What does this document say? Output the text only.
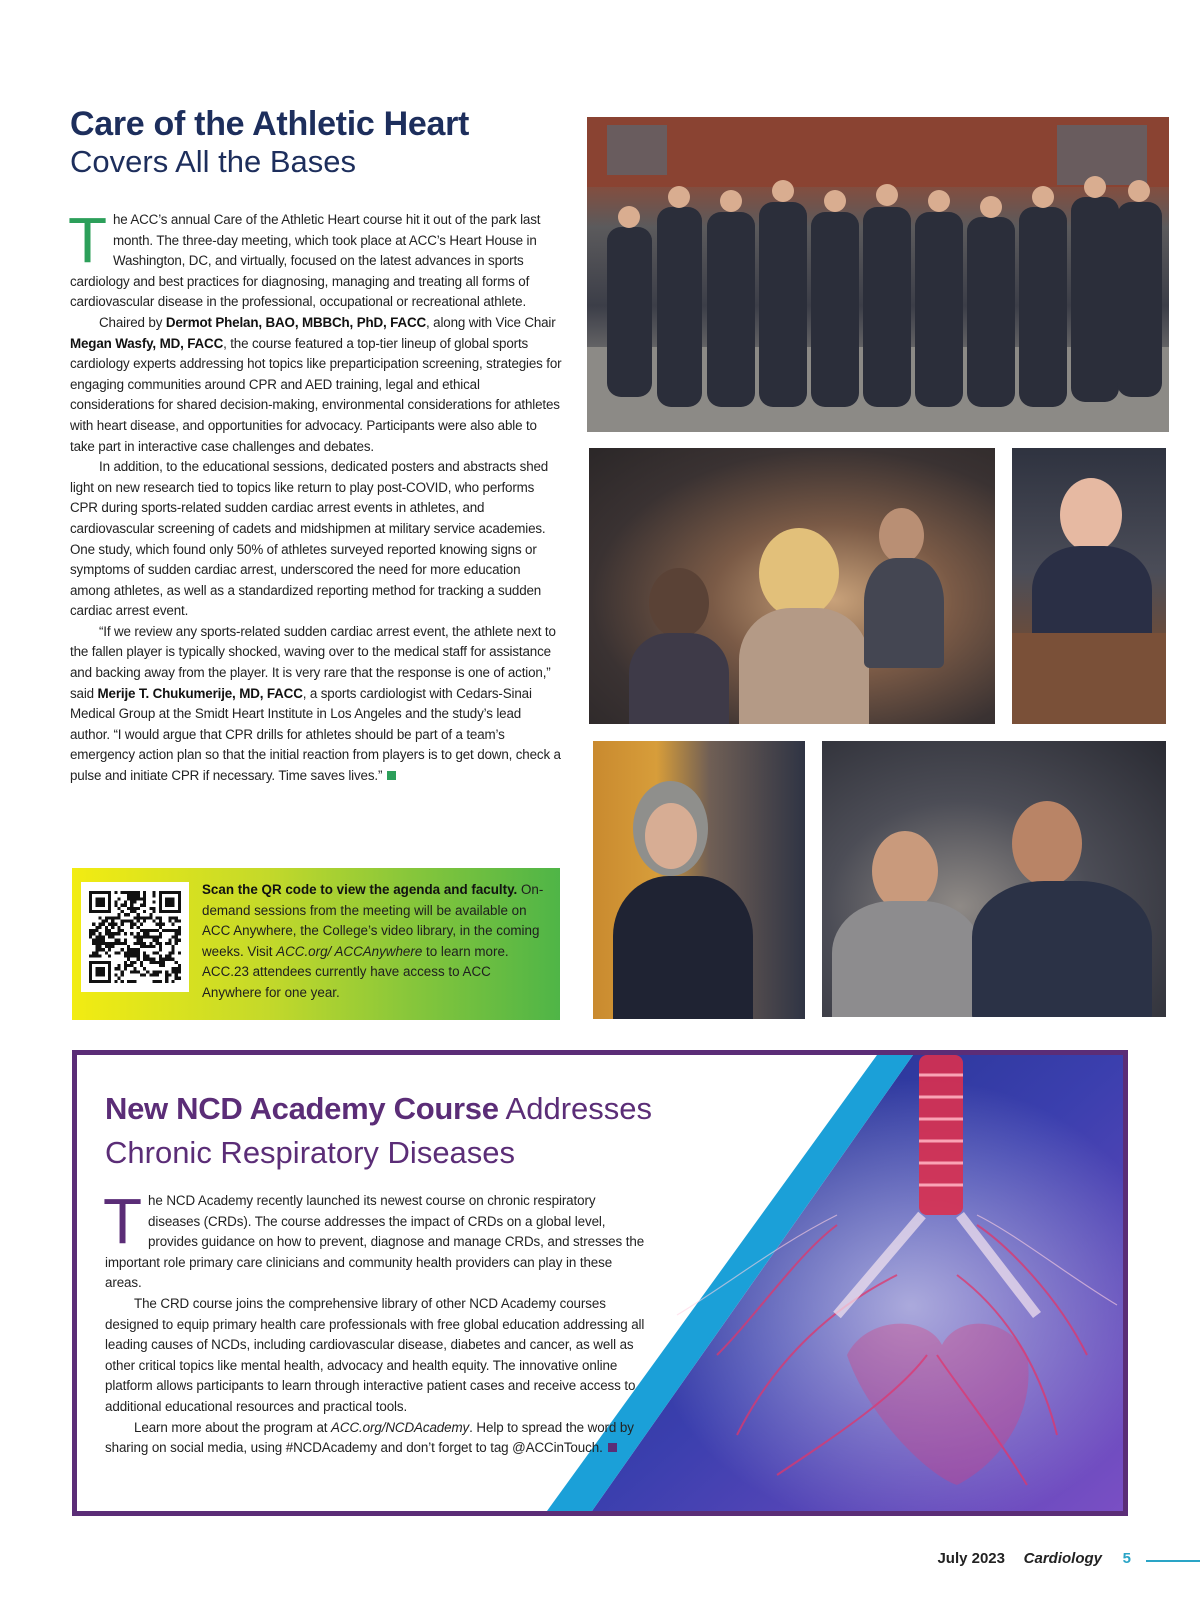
Care of the Athletic Heart
Covers All the Bases

The ACC’s annual Care of the Athletic Heart course hit it out of the park last month. The three-day meeting, which took place at ACC’s Heart House in Washington, DC, and virtually, focused on the latest advances in sports cardiology and best practices for diagnosing, managing and treating all forms of cardiovascular disease in the professional, occupational or recreational athlete.

Chaired by Dermot Phelan, BAO, MBBCh, PhD, FACC, along with Vice Chair Megan Wasfy, MD, FACC, the course featured a top-tier lineup of global sports cardiology experts addressing hot topics like preparticipation screening, strategies for engaging communities around CPR and AED training, legal and ethical considerations for shared decision-making, environmental considerations for athletes with heart disease, and opportunities for advocacy. Participants were also able to take part in interactive case challenges and debates.

In addition, to the educational sessions, dedicated posters and abstracts shed light on new research tied to topics like return to play post-COVID, who performs CPR during sports-related sudden cardiac arrest events in athletes, and cardiovascular screening of cadets and midshipmen at military service academies. One study, which found only 50% of athletes surveyed reported knowing signs or symptoms of sudden cardiac arrest, underscored the need for more education among athletes, as well as a standardized reporting method for tracking a sudden cardiac arrest event.

“If we review any sports-related sudden cardiac arrest event, the athlete next to the fallen player is typically shocked, waving over to the medical staff for assistance and backing away from the player. It is very rare that the response is one of action,” said Merije T. Chukumerije, MD, FACC, a sports cardiologist with Cedars-Sinai Medical Group at the Smidt Heart Institute in Los Angeles and the study’s lead author. “I would argue that CPR drills for athletes should be part of a team’s emergency action plan so that the initial reaction from players is to get down, check a pulse and initiate CPR if necessary. Time saves lives.”

Scan the QR code to view the agenda and faculty. On-demand sessions from the meeting will be available on ACC Anywhere, the College’s video library, in the coming weeks. Visit ACC.org/ ACCAnywhere to learn more. ACC.23 attendees currently have access to ACC Anywhere for one year.
New NCD Academy Course Addresses
Chronic Respiratory Diseases

The NCD Academy recently launched its newest course on chronic respiratory diseases (CRDs). The course addresses the impact of CRDs on a global level, provides guidance on how to prevent, diagnose and manage CRDs, and stresses the important role primary care clinicians and community health providers can play in these areas.

The CRD course joins the comprehensive library of other NCD Academy courses designed to equip primary health care professionals with free global education addressing all leading causes of NCDs, including cardiovascular disease, diabetes and cancer, as well as other critical topics like mental health, advocacy and health equity. The innovative online platform allows participants to learn through interactive patient cases and receive access to additional educational resources and practical tools.

Learn more about the program at ACC.org/NCDAcademy. Help to spread the word by sharing on social media, using #NCDAcademy and don’t forget to tag @ACCinTouch.

July 2023 Cardiology 5
